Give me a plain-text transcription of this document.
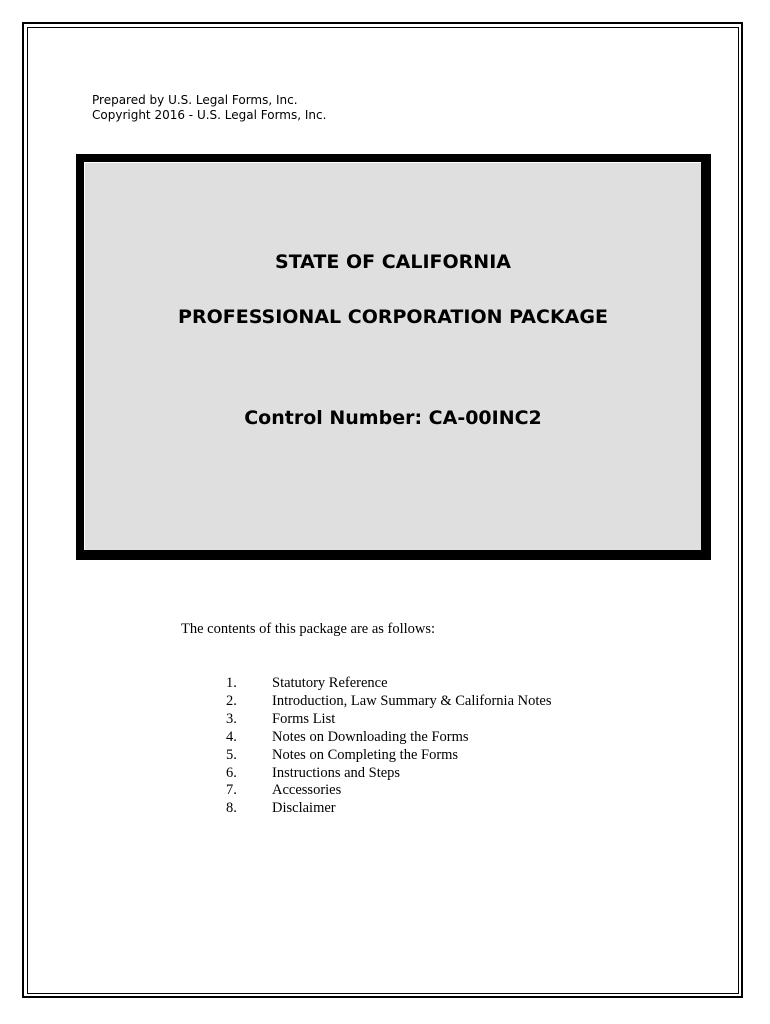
Prepared by U.S. Legal Forms, Inc.
Copyright 2016 - U.S. Legal Forms, Inc.
STATE OF CALIFORNIA
PROFESSIONAL CORPORATION PACKAGE
Control Number: CA-00INC2
The contents of this package are as follows:
1.	Statutory Reference
2.	Introduction, Law Summary & California Notes
3.	Forms List
4.	Notes on Downloading the Forms
5.	Notes on Completing the Forms
6.	Instructions and Steps
7.	Accessories
8.	Disclaimer
